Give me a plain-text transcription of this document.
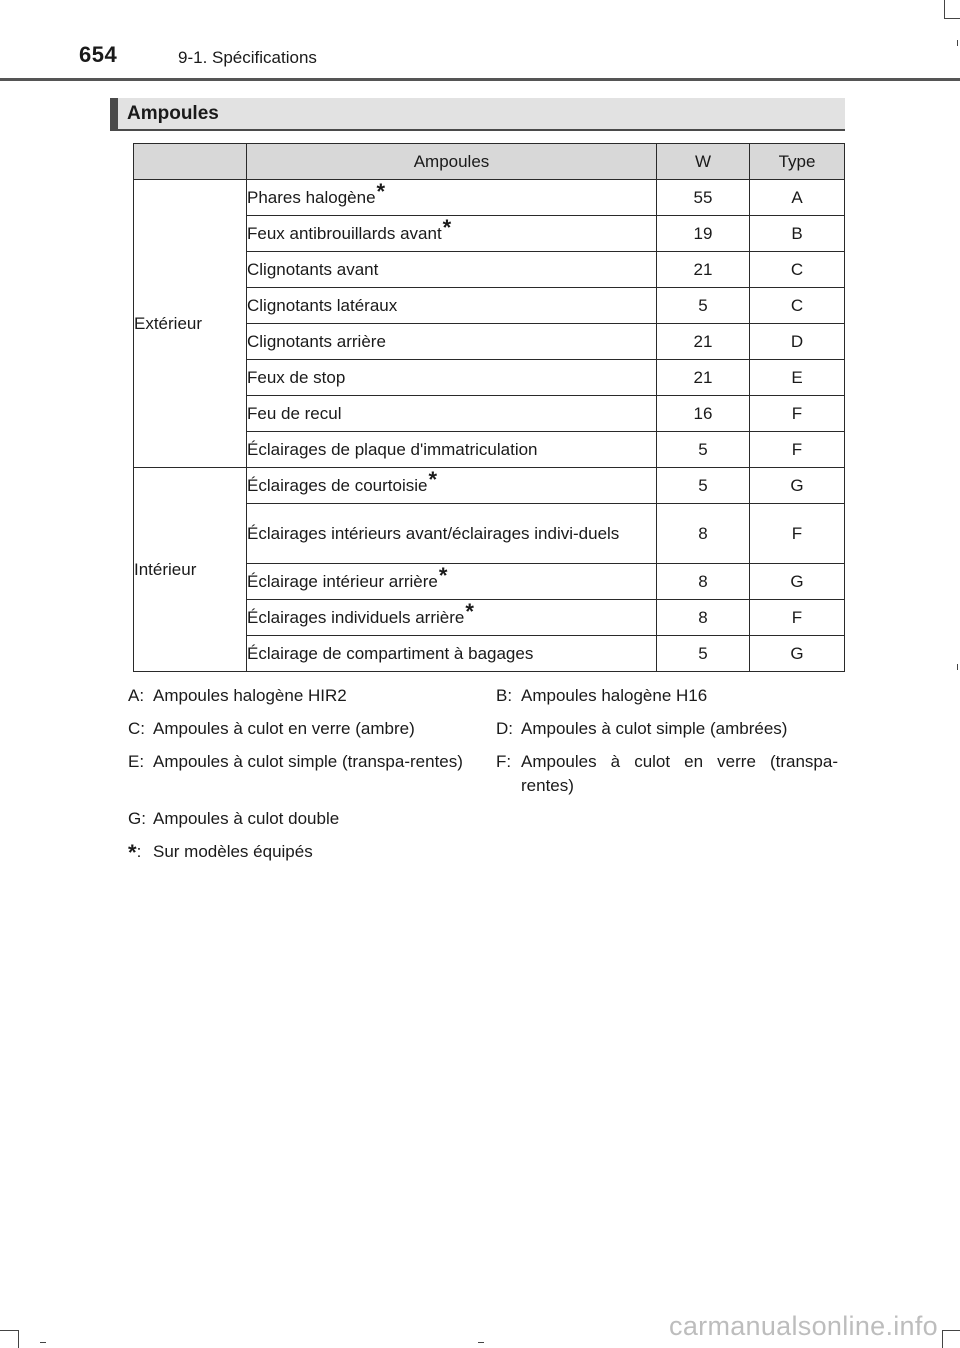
654	9-1. Spécifications
Ampoules
	Ampoules	W	Type
Extérieur	Phares halogène*	55	A
	Feux antibrouillards avant*	19	B
	Clignotants avant	21	C
	Clignotants latéraux	5	C
	Clignotants arrière	21	D
	Feux de stop	21	E
	Feu de recul	16	F
	Éclairages de plaque d'immatriculation	5	F
Intérieur	Éclairages de courtoisie*	5	G
	Éclairages intérieurs avant/éclairages indivi-duels	8	F
	Éclairage intérieur arrière*	8	G
	Éclairages individuels arrière*	8	F
	Éclairage de compartiment à bagages	5	G
A: Ampoules halogène HIR2	B: Ampoules halogène H16
C: Ampoules à culot en verre (ambre)	D: Ampoules à culot simple (ambrées)
E: Ampoules à culot simple (transpa-rentes)	F: Ampoules à culot en verre (transpa-rentes)
G: Ampoules à culot double
*: Sur modèles équipés
carmanualsonline.info
